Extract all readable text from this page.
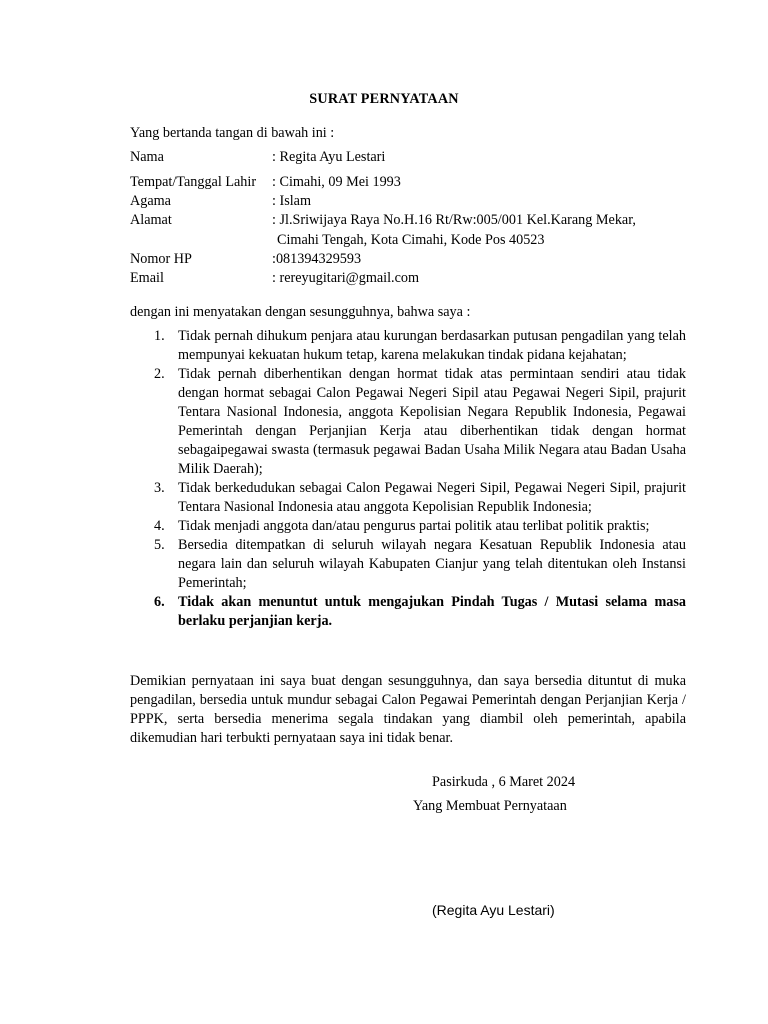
SURAT PERNYATAAN
Yang bertanda tangan di bawah ini :
Nama	: Regita Ayu Lestari
Tempat/Tanggal Lahir : Cimahi, 09 Mei 1993
Agama	: Islam
Alamat	: Jl.Sriwijaya Raya No.H.16 Rt/Rw:005/001 Kel.Karang Mekar,
Cimahi Tengah, Kota Cimahi, Kode Pos 40523
Nomor HP	:081394329593
Email	: rereyugitari@gmail.com
dengan ini menyatakan dengan sesungguhnya, bahwa saya :
1. Tidak pernah dihukum penjara atau kurungan berdasarkan putusan pengadilan yang telah mempunyai kekuatan hukum tetap, karena melakukan tindak pidana kejahatan;
2. Tidak pernah diberhentikan dengan hormat tidak atas permintaan sendiri atau tidak dengan hormat sebagai Calon Pegawai Negeri Sipil atau Pegawai Negeri Sipil, prajurit Tentara Nasional Indonesia, anggota Kepolisian Negara Republik Indonesia, Pegawai Pemerintah dengan Perjanjian Kerja atau diberhentikan tidak dengan hormat sebagaipegawai swasta (termasuk pegawai Badan Usaha Milik Negara atau Badan Usaha Milik Daerah);
3. Tidak berkedudukan sebagai Calon Pegawai Negeri Sipil, Pegawai Negeri Sipil, prajurit Tentara Nasional Indonesia atau anggota Kepolisian Republik Indonesia;
4. Tidak menjadi anggota dan/atau pengurus partai politik atau terlibat politik praktis;
5. Bersedia ditempatkan di seluruh wilayah negara Kesatuan Republik Indonesia atau negara lain dan seluruh wilayah Kabupaten Cianjur yang telah ditentukan oleh Instansi Pemerintah;
6. Tidak akan menuntut untuk mengajukan Pindah Tugas / Mutasi selama masa berlaku perjanjian kerja.
Demikian pernyataan ini saya buat dengan sesungguhnya, dan saya bersedia dituntut di muka pengadilan, bersedia untuk mundur sebagai Calon Pegawai Pemerintah dengan Perjanjian Kerja / PPPK, serta bersedia menerima segala tindakan yang diambil oleh pemerintah, apabila dikemudian hari terbukti pernyataan saya ini tidak benar.
Pasirkuda , 6 Maret 2024
Yang Membuat Pernyataan
(Regita Ayu Lestari)
